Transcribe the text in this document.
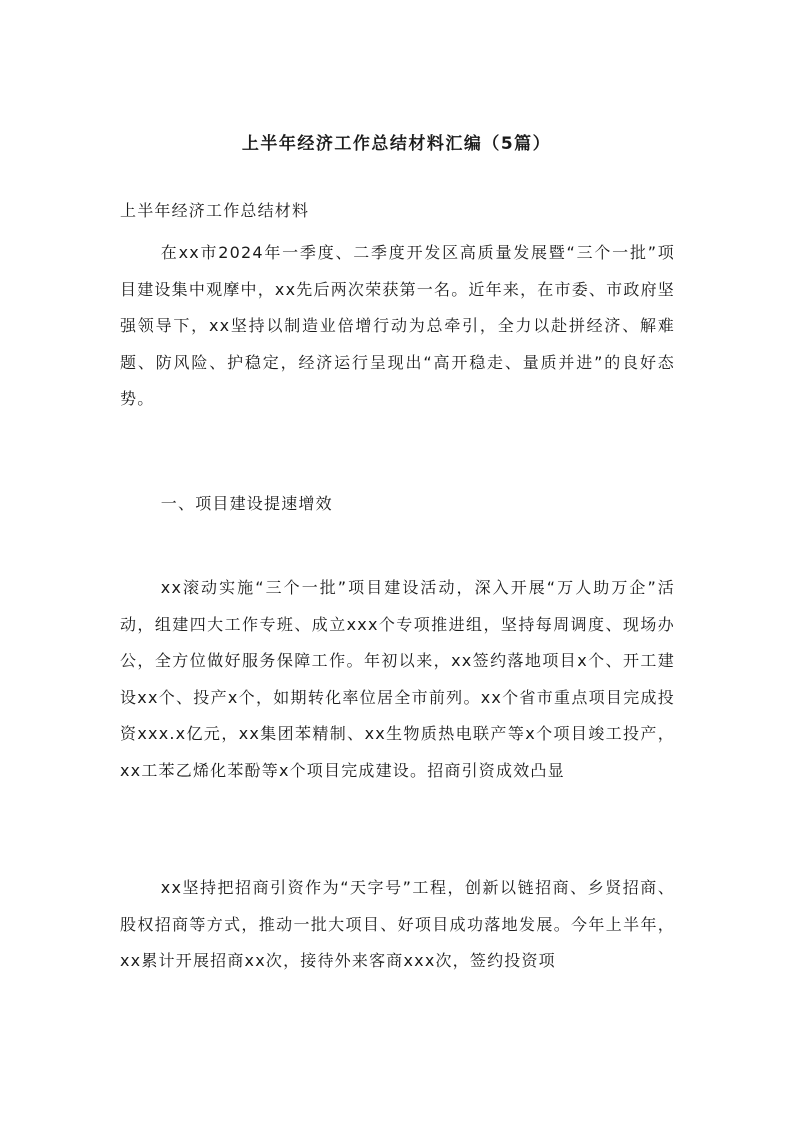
上半年经济工作总结材料汇编（5篇）

上半年经济工作总结材料

在xx市2024年一季度、二季度开发区高质量发展暨“三个一批”项目建设集中观摩中，xx先后两次荣获第一名。近年来，在市委、市政府坚强领导下，xx坚持以制造业倍增行动为总牵引，全力以赴拼经济、解难题、防风险、护稳定，经济运行呈现出“高开稳走、量质并进”的良好态势。

一、项目建设提速增效

xx滚动实施“三个一批”项目建设活动，深入开展“万人助万企”活动，组建四大工作专班、成立xxx个专项推进组，坚持每周调度、现场办公，全方位做好服务保障工作。年初以来，xx签约落地项目x个、开工建设xx个、投产x个，如期转化率位居全市前列。xx个省市重点项目完成投资xxx.x亿元，xx集团苯精制、xx生物质热电联产等x个项目竣工投产，xx工苯乙烯化苯酚等x个项目完成建设。招商引资成效凸显

xx坚持把招商引资作为“天字号”工程，创新以链招商、乡贤招商、股权招商等方式，推动一批大项目、好项目成功落地发展。今年上半年，xx累计开展招商xx次，接待外来客商xxx次，签约投资项
